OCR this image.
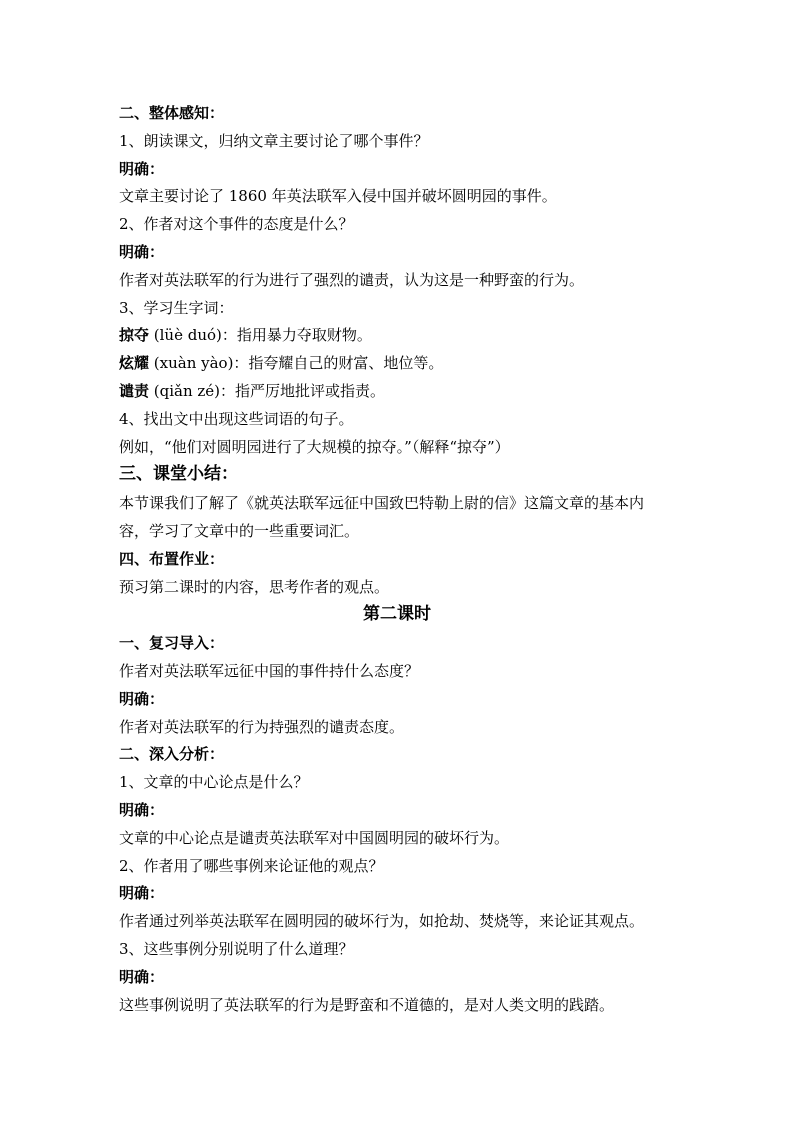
二、整体感知：
1、朗读课文，归纳文章主要讨论了哪个事件？
明确：
文章主要讨论了 1860 年英法联军入侵中国并破坏圆明园的事件。
2、作者对这个事件的态度是什么？
明确：
作者对英法联军的行为进行了强烈的谴责，认为这是一种野蛮的行为。
3、学习生字词：
掠夺 (lüè duó)：指用暴力夺取财物。
炫耀 (xuàn yào)：指夸耀自己的财富、地位等。
谴责 (qiǎn zé)：指严厉地批评或指责。
4、找出文中出现这些词语的句子。
例如，“他们对圆明园进行了大规模的掠夺。”（解释“掠夺”）
三、课堂小结：
本节课我们了解了《就英法联军远征中国致巴特勒上尉的信》这篇文章的基本内
容，学习了文章中的一些重要词汇。
四、布置作业：
预习第二课时的内容，思考作者的观点。
第二课时
一、复习导入：
作者对英法联军远征中国的事件持什么态度？
明确：
作者对英法联军的行为持强烈的谴责态度。
二、深入分析：
1、文章的中心论点是什么？
明确：
文章的中心论点是谴责英法联军对中国圆明园的破坏行为。
2、作者用了哪些事例来论证他的观点？
明确：
作者通过列举英法联军在圆明园的破坏行为，如抢劫、焚烧等，来论证其观点。
3、这些事例分别说明了什么道理？
明确：
这些事例说明了英法联军的行为是野蛮和不道德的，是对人类文明的践踏。
